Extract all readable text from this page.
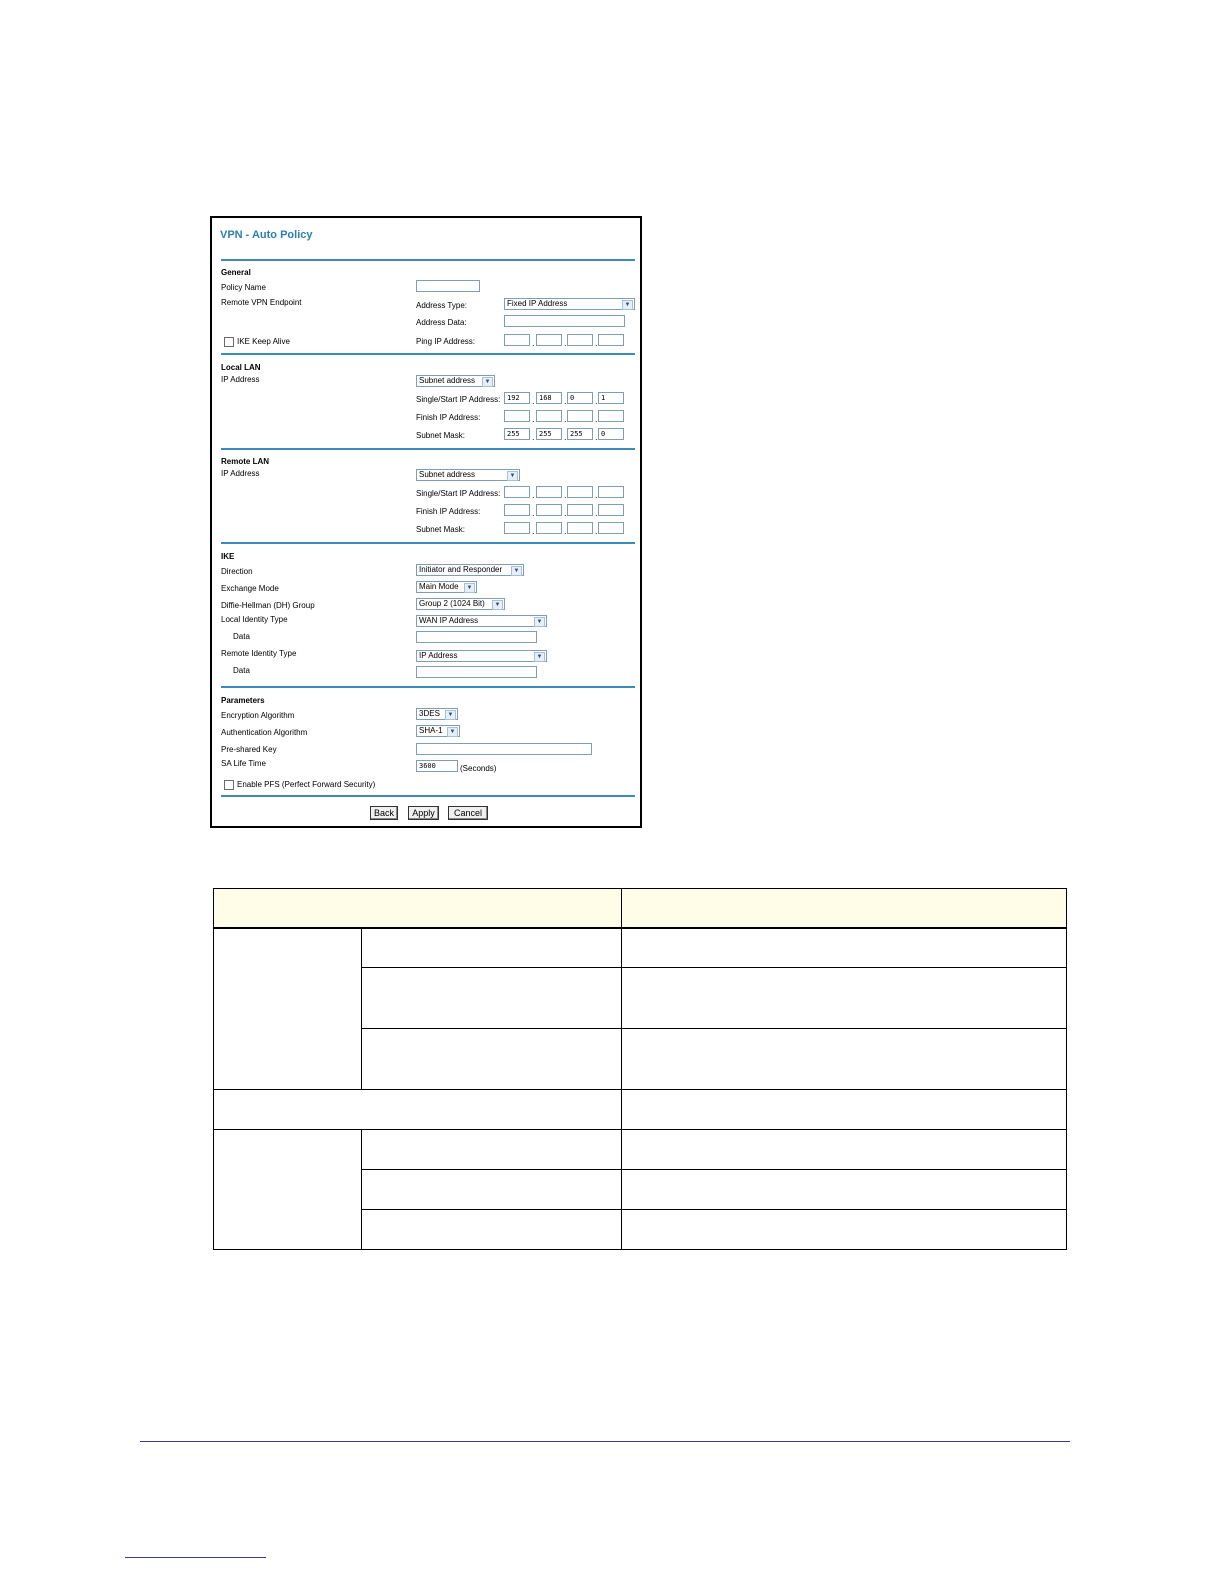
VPN - Auto Policy
General
Policy Name
Remote VPN Endpoint	Address Type:	Fixed IP Address	▼
Address Data:
IKE Keep Alive	Ping IP Address:	.	.	.
Local LAN
IP Address	Subnet address	▼
Single/Start IP Address: 192	. 168	. 0	. 1
Finish IP Address:	.	.	.
Subnet Mask:	255	. 255	. 255	. 0
Remote LAN
IP Address	Subnet address	▼
Single/Start IP Address:	.	.	.
Finish IP Address:	.	.	.
Subnet Mask:	.	.	.
IKE
Direction	Initiator and Responder	▼
Exchange Mode	Main Mode	▼
Diffie-Hellman (DH) Group	Group 2 (1024 Bit)	▼
Local Identity Type	WAN IP Address	▼
Data
Remote Identity Type	IP Address	▼
Data
Parameters
Encryption Algorithm	3DES	▼
Authentication Algorithm	SHA-1	▼
Pre-shared Key
SA Life Time	3600	(Seconds)
Enable PFS (Perfect Forward Security)
Back	Apply	Cancel
